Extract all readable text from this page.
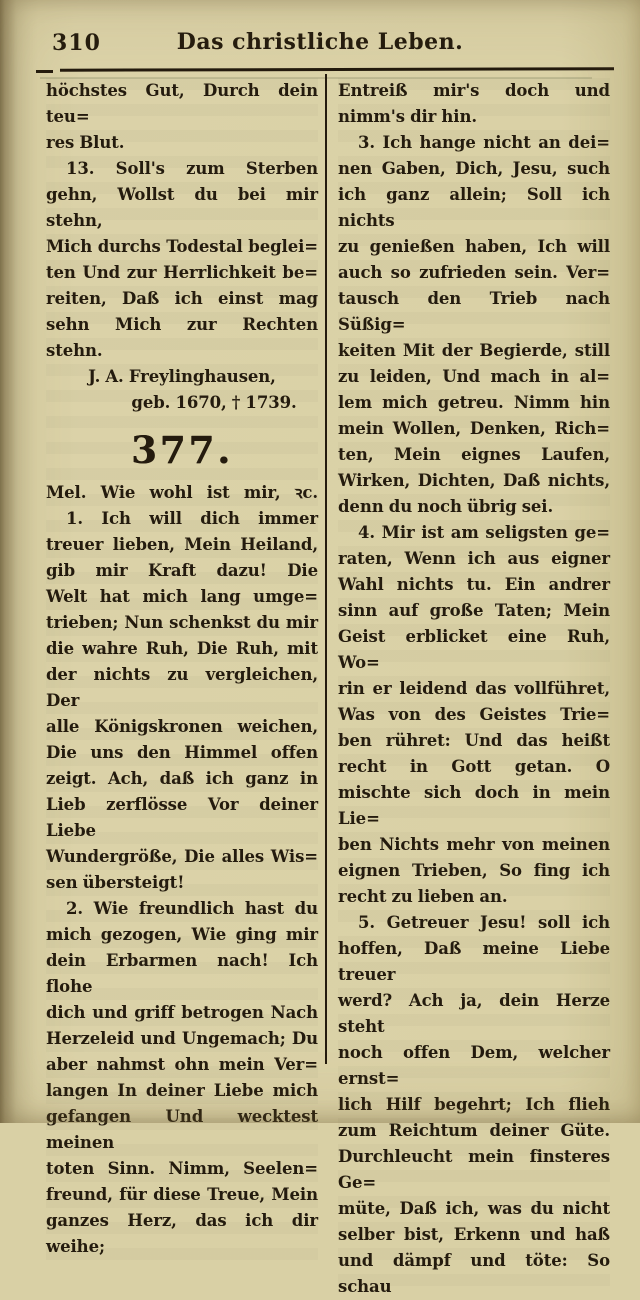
310	Das christliche Leben.
höchstes Gut, Durch dein teu=
res Blut.
13. Soll's zum Sterben
gehn, Wollst du bei mir stehn,
Mich durchs Todestal beglei=
ten Und zur Herrlichkeit be=
reiten, Daß ich einst mag
sehn Mich zur Rechten stehn.
J. A. Freylinghausen,
geb. 1670, † 1739.
377.
Mel. Wie wohl ist mir, ꝛc.
1. Ich will dich immer
treuer lieben, Mein Heiland,
gib mir Kraft dazu! Die
Welt hat mich lang umge=
trieben; Nun schenkst du mir
die wahre Ruh, Die Ruh, mit
der nichts zu vergleichen, Der
alle Königskronen weichen,
Die uns den Himmel offen
zeigt. Ach, daß ich ganz in
Lieb zerflösse Vor deiner Liebe
Wundergröße, Die alles Wis=
sen übersteigt!
2. Wie freundlich hast du
mich gezogen, Wie ging mir
dein Erbarmen nach! Ich flohe
dich und griff betrogen Nach
Herzeleid und Ungemach; Du
aber nahmst ohn mein Ver=
langen In deiner Liebe mich
gefangen Und wecktest meinen
toten Sinn. Nimm, Seelen=
freund, für diese Treue, Mein
ganzes Herz, das ich dir weihe;
Entreiß mir's doch und
nimm's dir hin.
3. Ich hange nicht an dei=
nen Gaben, Dich, Jesu, such
ich ganz allein; Soll ich nichts
zu genießen haben, Ich will
auch so zufrieden sein. Ver=
tausch den Trieb nach Süßig=
keiten Mit der Begierde, still
zu leiden, Und mach in al=
lem mich getreu. Nimm hin
mein Wollen, Denken, Rich=
ten, Mein eignes Laufen,
Wirken, Dichten, Daß nichts,
denn du noch übrig sei.
4. Mir ist am seligsten ge=
raten, Wenn ich aus eigner
Wahl nichts tu. Ein andrer
sinn auf große Taten; Mein
Geist erblicket eine Ruh, Wo=
rin er leidend das vollführet,
Was von des Geistes Trie=
ben rühret: Und das heißt
recht in Gott getan. O
mischte sich doch in mein Lie=
ben Nichts mehr von meinen
eignen Trieben, So fing ich
recht zu lieben an.
5. Getreuer Jesu! soll ich
hoffen, Daß meine Liebe treuer
werd? Ach ja, dein Herze steht
noch offen Dem, welcher ernst=
lich Hilf begehrt; Ich flieh
zum Reichtum deiner Güte.
Durchleucht mein finsteres Ge=
müte, Daß ich, was du nicht
selber bist, Erkenn und haß
und dämpf und töte: So schau
